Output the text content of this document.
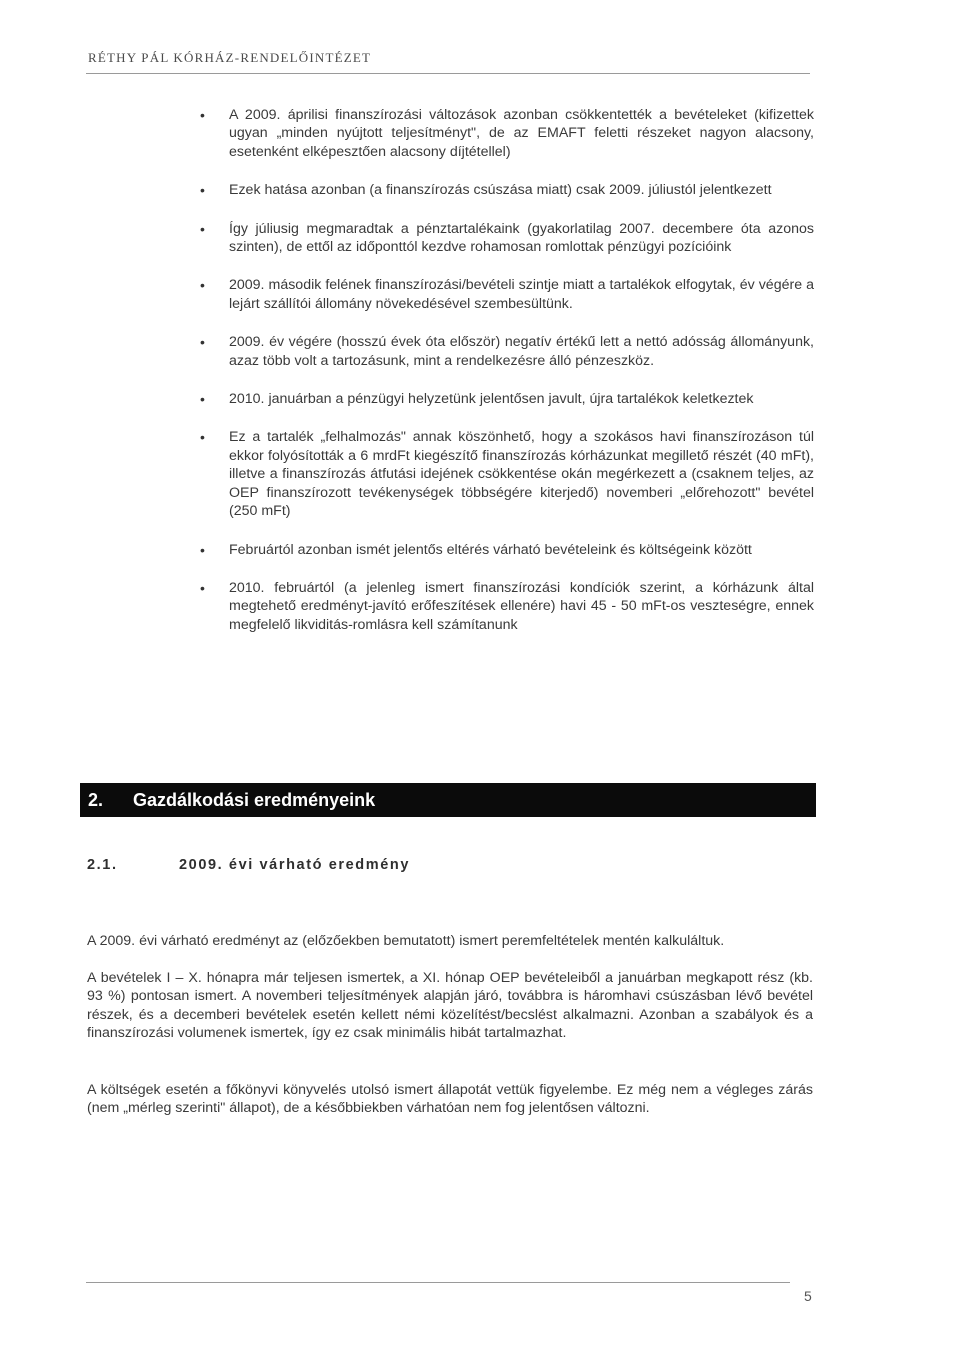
RÉTHY PÁL KÓRHÁZ-RENDELŐINTÉZET
• A 2009. áprilisi finanszírozási változások azonban csökkentették a bevételeket (kifizettek ugyan „minden nyújtott teljesítményt", de az EMAFT feletti részeket nagyon alacsony, esetenként elképesztően alacsony díjtétellel)
• Ezek hatása azonban (a finanszírozás csúszása miatt) csak 2009. júliustól jelentkezett
• Így júliusig megmaradtak a pénztartalékaink (gyakorlatilag 2007. decembere óta azonos szinten), de ettől az időponttól kezdve rohamosan romlottak pénzügyi pozícióink
• 2009. második felének finanszírozási/bevételi szintje miatt a tartalékok elfogytak, év végére a lejárt szállítói állomány növekedésével szembesültünk.
• 2009. év végére (hosszú évek óta először) negatív értékű lett a nettó adósság állományunk, azaz több volt a tartozásunk, mint a rendelkezésre álló pénzeszköz.
• 2010. januárban a pénzügyi helyzetünk jelentősen javult, újra tartalékok keletkeztek
• Ez a tartalék „felhalmozás" annak köszönhető, hogy a szokásos havi finanszírozáson túl ekkor folyósították a 6 mrdFt kiegészítő finanszírozás kórházunkat megillető részét (40 mFt), illetve a finanszírozás átfutási idejének csökkentése okán megérkezett a (csaknem teljes, az OEP finanszírozott tevékenységek többségére kiterjedő) novemberi „előrehozott" bevétel (250 mFt)
• Februártól azonban ismét jelentős eltérés várható bevételeink és költségeink között
• 2010. februártól (a jelenleg ismert finanszírozási kondíciók szerint, a kórházunk által megtehető eredményt-javító erőfeszítések ellenére) havi 45 - 50 mFt-os veszteségre, ennek megfelelő likviditás-romlásra kell számítanunk
2. Gazdálkodási eredményeink
2.1.	2009. évi várható eredmény

A 2009. évi várható eredményt az (előzőekben bemutatott) ismert peremfeltételek mentén kalkuláltuk.

A bevételek I – X. hónapra már teljesen ismertek, a XI. hónap OEP bevételeiből a januárban megkapott rész (kb. 93 %) pontosan ismert. A novemberi teljesítmények alapján járó, továbbra is háromhavi csúszásban lévő bevétel részek, és a decemberi bevételek esetén kellett némi közelítést/becslést alkalmazni. Azonban a szabályok és a finanszírozási volumenek ismertek, így ez csak minimális hibát tartalmazhat.

A költségek esetén a főkönyvi könyvelés utolsó ismert állapotát vettük figyelembe. Ez még nem a végleges zárás (nem „mérleg szerinti" állapot), de a későbbiekben várhatóan nem fog jelentősen változni.

5
